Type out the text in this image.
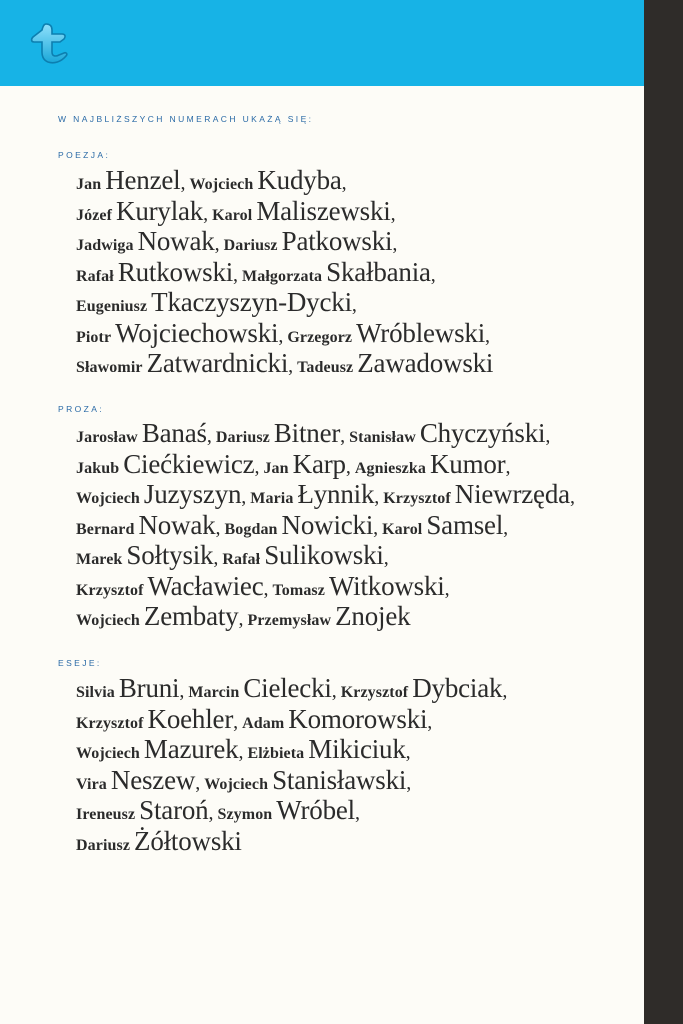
W NAJBLIŻSZYCH NUMERACH UKAŻĄ SIĘ:
POEZJA:
Jan Henzel, Wojciech Kudyba,
Józef Kurylak, Karol Maliszewski,
Jadwiga Nowak, Dariusz Patkowski,
Rafał Rutkowski, Małgorzata Skałbania,
Eugeniusz Tkaczyszyn-Dycki,
Piotr Wojciechowski, Grzegorz Wróblewski,
Sławomir Zatwardnicki, Tadeusz Zawadowski
PROZA:
Jarosław Banaś, Dariusz Bitner, Stanisław Chyczyński,
Jakub Ciećkiewicz, Jan Karp, Agnieszka Kumor,
Wojciech Juzyszyn, Maria Łynnik, Krzysztof Niewrzęda,
Bernard Nowak, Bogdan Nowicki, Karol Samsel,
Marek Sołtysik, Rafał Sulikowski,
Krzysztof Wacławiec, Tomasz Witkowski,
Wojciech Zembaty, Przemysław Znojek
ESEJE:
Silvia Bruni, Marcin Cielecki, Krzysztof Dybciak,
Krzysztof Koehler, Adam Komorowski,
Wojciech Mazurek, Elżbieta Mikiciuk,
Vira Neszew, Wojciech Stanisławski,
Ireneusz Staroń, Szymon Wróbel,
Dariusz Żółtowski
